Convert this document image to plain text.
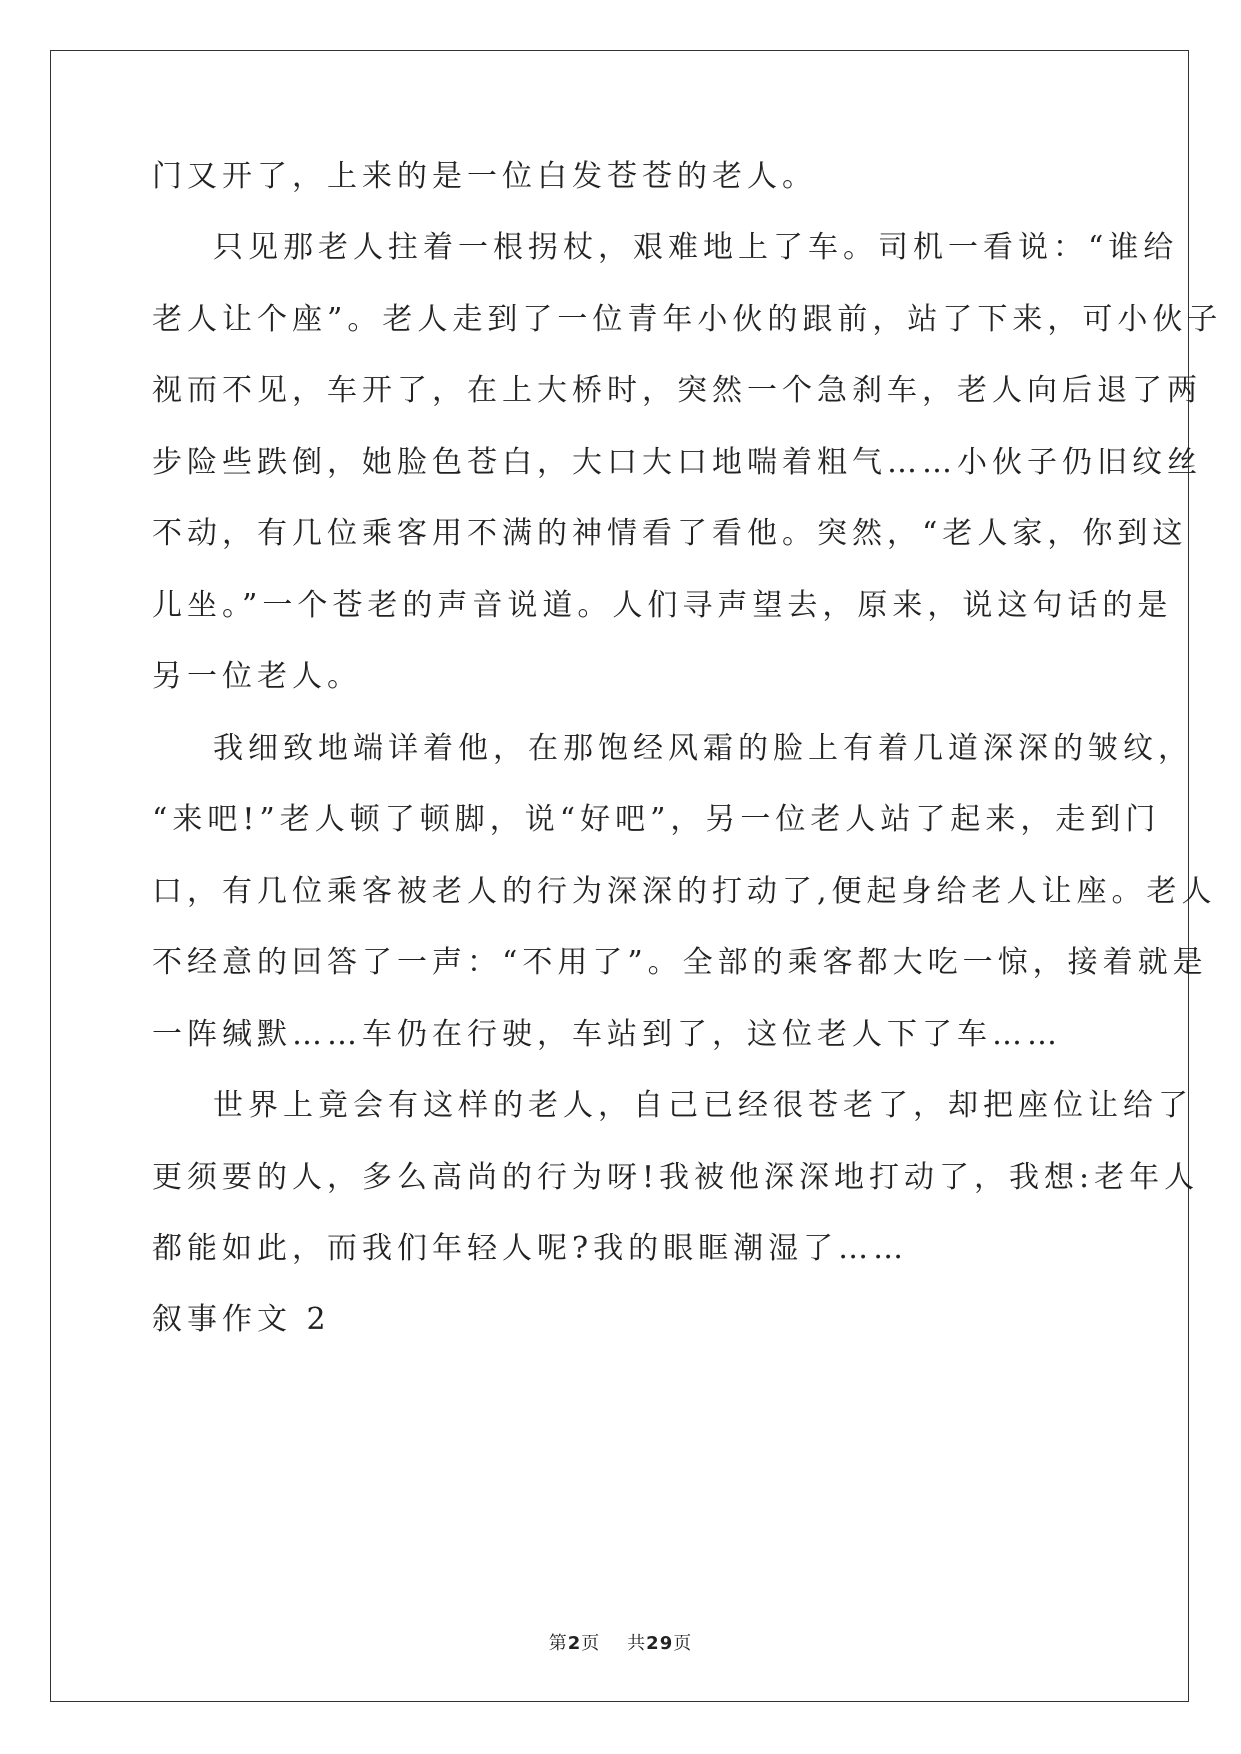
门又开了，上来的是一位白发苍苍的老人。
只见那老人拄着一根拐杖，艰难地上了车。司机一看说：“谁给
老人让个座”。老人走到了一位青年小伙的跟前，站了下来，可小伙子
视而不见，车开了，在上大桥时，突然一个急刹车，老人向后退了两
步险些跌倒，她脸色苍白，大口大口地喘着粗气……小伙子仍旧纹丝
不动，有几位乘客用不满的神情看了看他。突然，“老人家，你到这
儿坐。”一个苍老的声音说道。人们寻声望去，原来，说这句话的是
另一位老人。
我细致地端详着他，在那饱经风霜的脸上有着几道深深的皱纹，
“来吧!”老人顿了顿脚，说“好吧”，另一位老人站了起来，走到门
口，有几位乘客被老人的行为深深的打动了,便起身给老人让座。老人
不经意的回答了一声：“不用了”。全部的乘客都大吃一惊，接着就是
一阵缄默……车仍在行驶，车站到了，这位老人下了车……
世界上竟会有这样的老人，自己已经很苍老了，却把座位让给了
更须要的人，多么高尚的行为呀!我被他深深地打动了，我想:老年人
都能如此，而我们年轻人呢?我的眼眶潮湿了……
叙事作文 2
第2页 共29页
